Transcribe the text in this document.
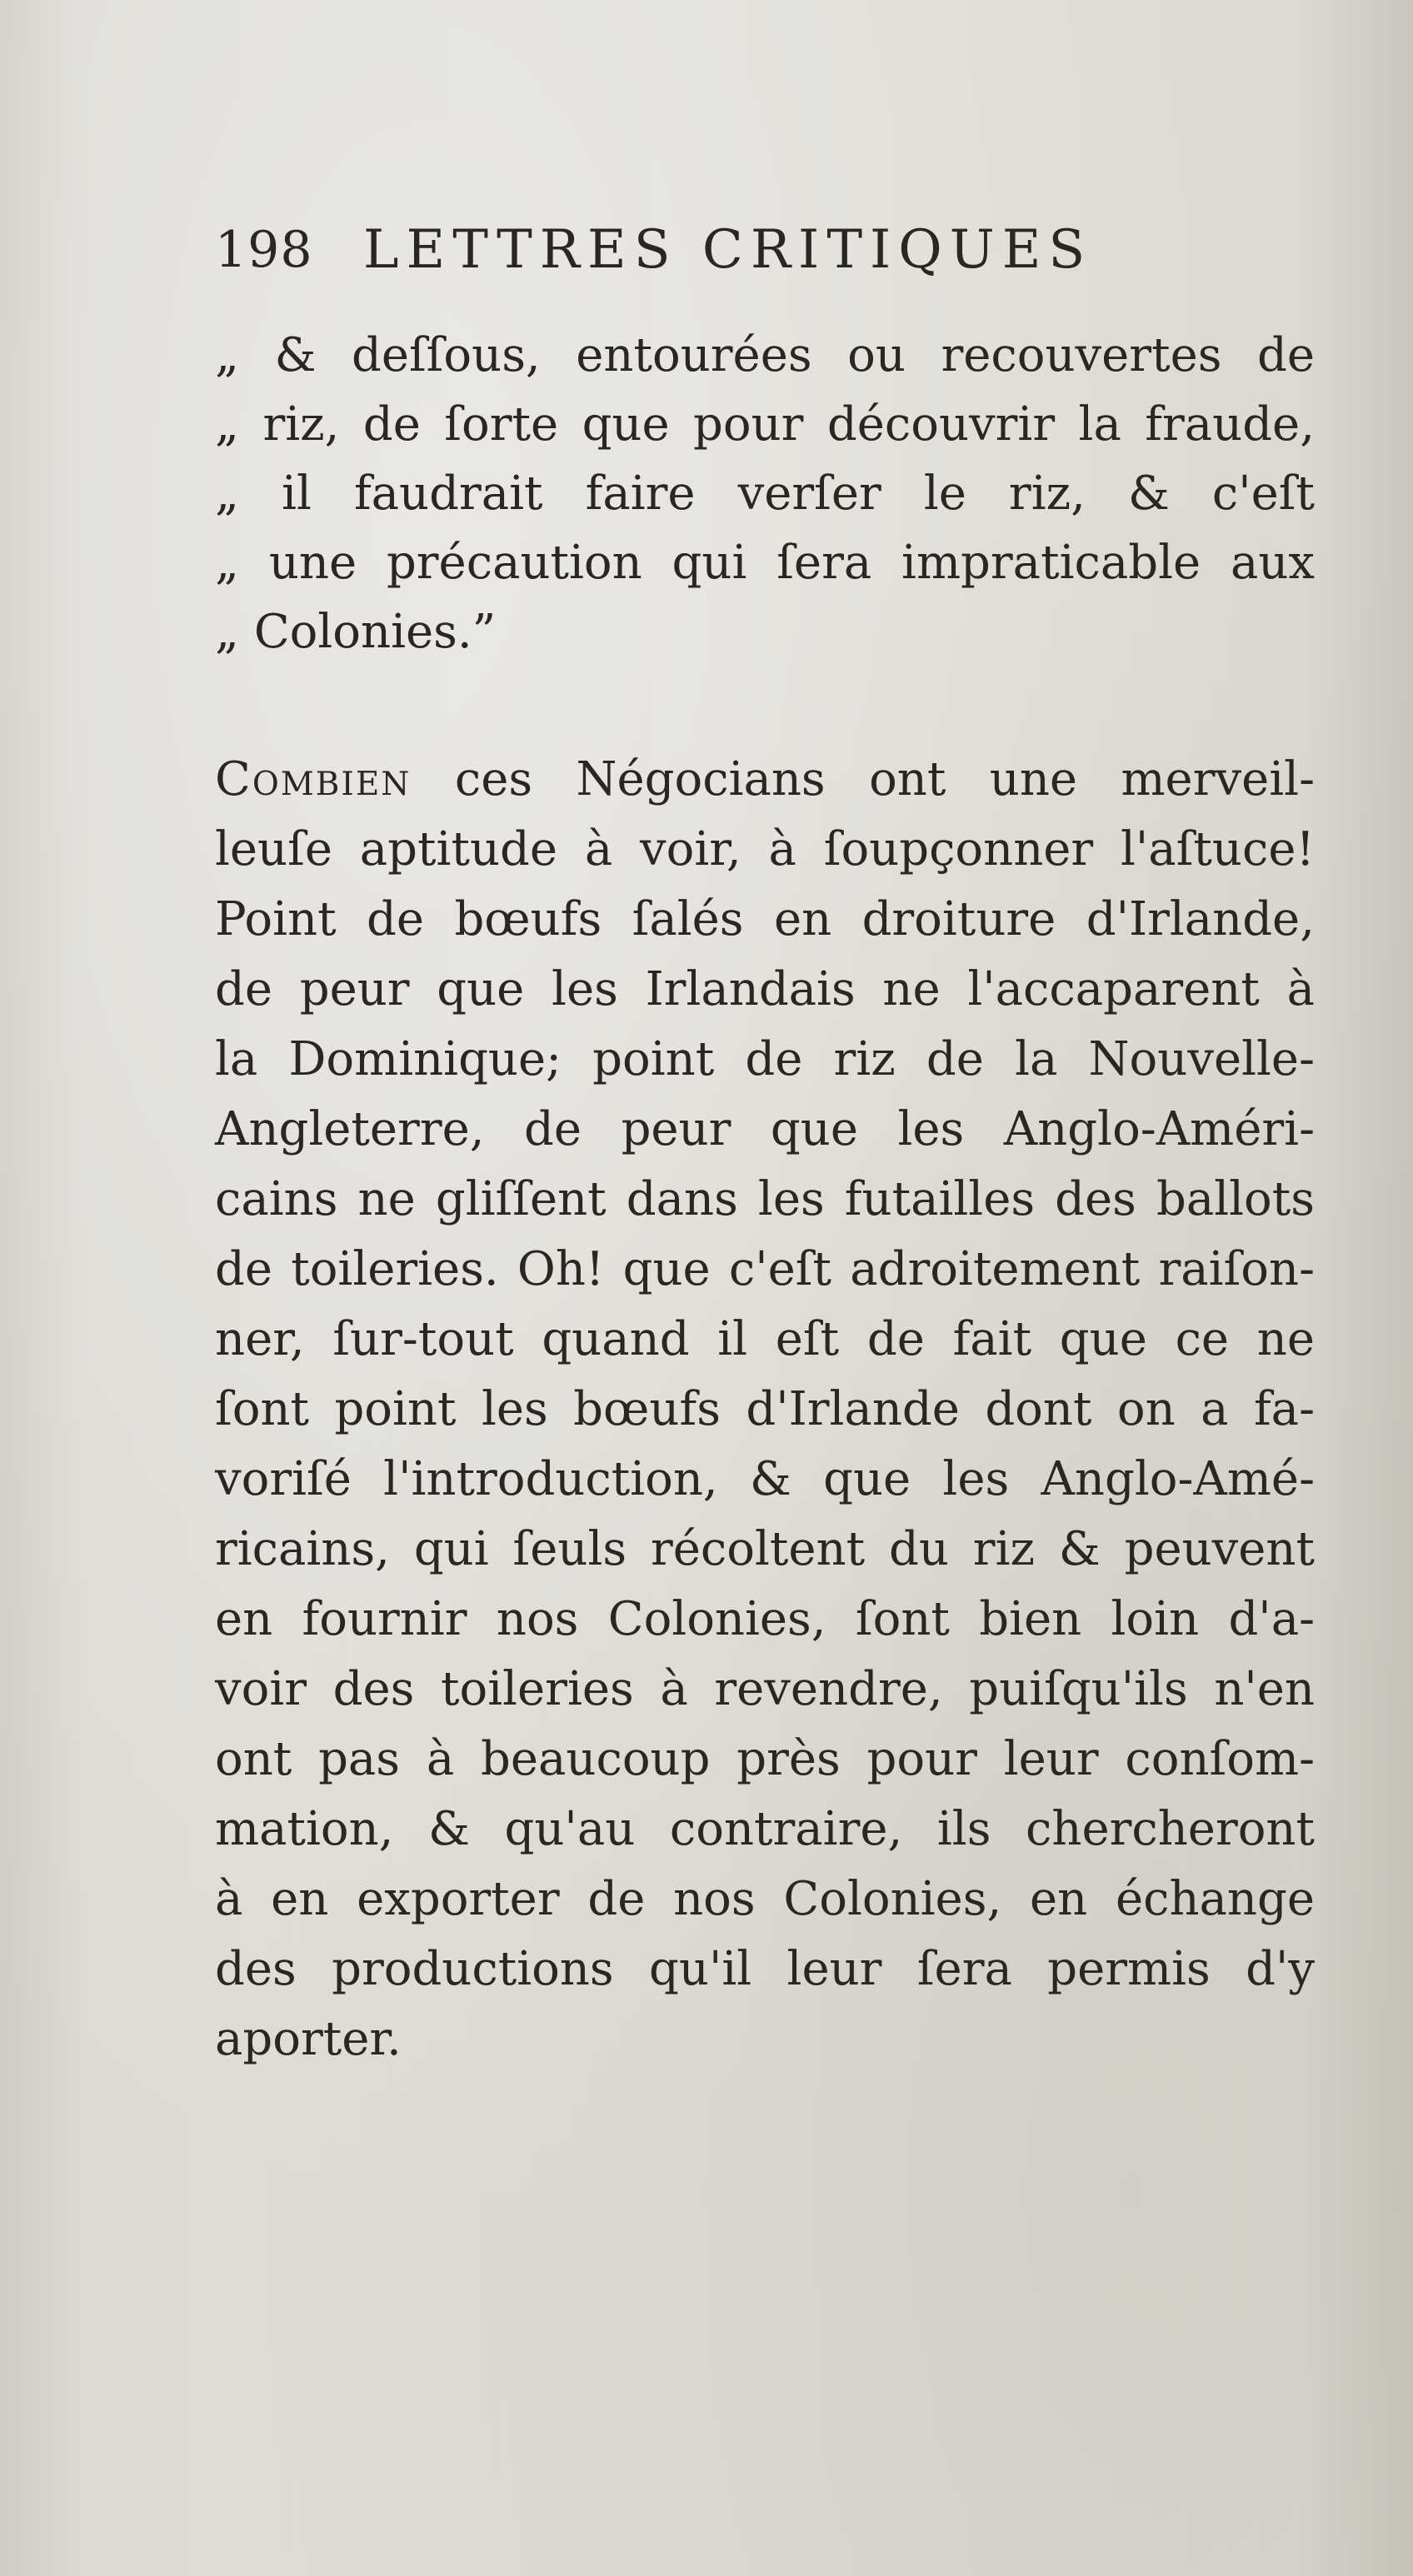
198 LETTRES CRITIQUES
„ & deſſous, entourées ou recouvertes de
„ riz, de ſorte que pour découvrir la fraude,
„ il faudrait faire verſer le riz, & c'eſt
„ une précaution qui ſera impraticable aux
„ Colonies.”
Combien ces Négocians ont une merveil-
leuſe aptitude à voir, à ſoupçonner l'aſtuce!
Point de bœufs ſalés en droiture d'Irlande,
de peur que les Irlandais ne l'accaparent à
la Dominique; point de riz de la Nouvelle-
Angleterre, de peur que les Anglo-Améri-
cains ne gliſſent dans les futailles des ballots
de toileries. Oh! que c'eſt adroitement raiſon-
ner, ſur-tout quand il eſt de fait que ce ne
ſont point les bœufs d'Irlande dont on a fa-
voriſé l'introduction, & que les Anglo-Amé-
ricains, qui ſeuls récoltent du riz & peuvent
en fournir nos Colonies, ſont bien loin d'a-
voir des toileries à revendre, puiſqu'ils n'en
ont pas à beaucoup près pour leur conſom-
mation, & qu'au contraire, ils chercheront
à en exporter de nos Colonies, en échange
des productions qu'il leur ſera permis d'y
aporter.
